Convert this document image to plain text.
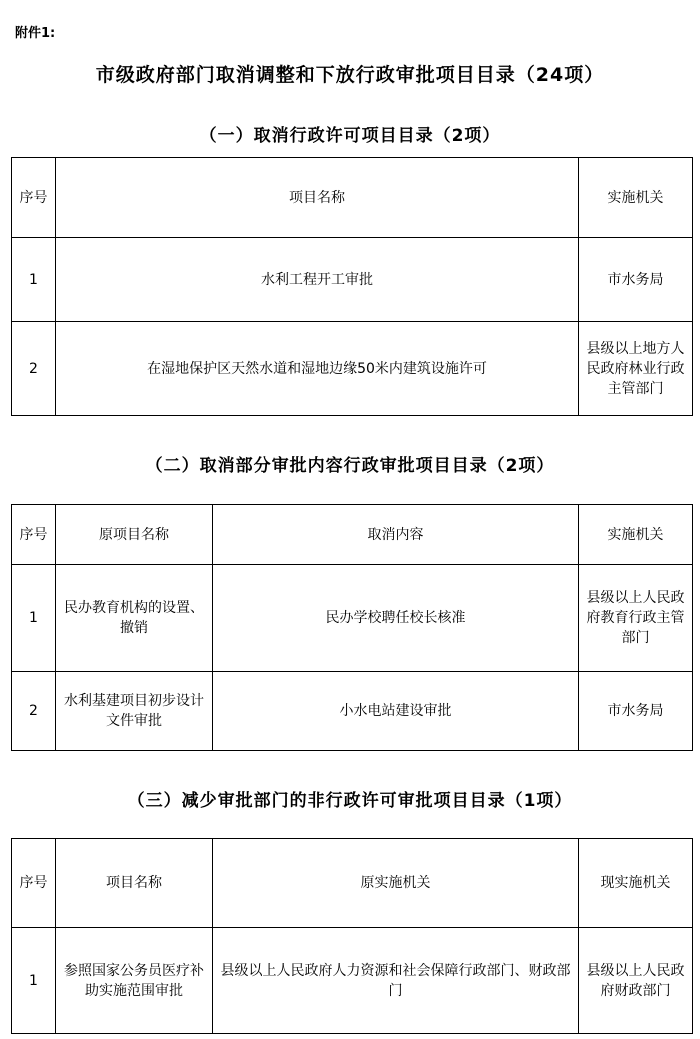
附件1:
市级政府部门取消调整和下放行政审批项目目录（24项）
（一）取消行政许可项目目录（2项）
序号	项目名称	实施机关
1	水利工程开工审批	市水务局
2	在湿地保护区天然水道和湿地边缘50米内建筑设施许可	县级以上地方人民政府林业行政主管部门
（二）取消部分审批内容行政审批项目目录（2项）
序号	原项目名称	取消内容	实施机关
1	民办教育机构的设置、撤销	民办学校聘任校长核准	县级以上人民政府教育行政主管部门
2	水利基建项目初步设计文件审批	小水电站建设审批	市水务局
（三）减少审批部门的非行政许可审批项目目录（1项）
序号	项目名称	原实施机关	现实施机关
1	参照国家公务员医疗补助实施范围审批	县级以上人民政府人力资源和社会保障行政部门、财政部门	县级以上人民政府财政部门
